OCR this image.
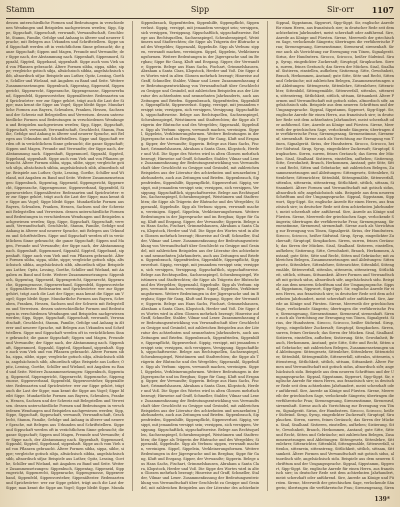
Stamm	Sipp	Sir-orr 1107

dessen unterschiedliche Formen und Bedeutungen in verschiedenen Wendungen und Beispielen nachgewiesen werden; Sipp, Sippe, Sippschaft, Sippeschaft, verwandt, Verwandtschaft, Geschlecht, Stamm, Familie, Gefolge und Anhang in älterer und neuerer Sprache, mit Belegen aus Urkunden und Schriftstellern. Sippe und Sippschaft werden oft in verächtlichem Sinne gebraucht; die ganze Sippschaft; Sippen und Magen, Freunde und Verwandte; der Sippe nach, der Abstammung nach. Sippenhaft, Sippenmord, Sippzahl, Sippteil, Sippeband, sippenhaft. Sippe auch vom Vieh und von Pflanzen gebraucht. Ältere Formen sibba, sippa, sibbe, sippe; vergleiche gotisch sibja, altsächsisch sibbia, angelsächsisch sibb, altnordisch sifjar. Beispiele aus Luther, Opitz, Lessing, Goethe, Schiller und Wieland, mit Angaben zu Band und Seite. Weitere Zusammensetzungen: Sippenbuch, Sippentag, Sippeneid, Sippengericht, Sippenrecht, Sippenrache, Sippengenosse, Sippenverband, Sippenfeld, Sippenvorsteher, Sippenältester. Redensarten und Sprichwörter: wer zur Sippe gehört, trägt auch die Last der Sippe; man kennt die Sippe am Vogel; Sippe bleibt Sippe. Mundartliche Formen aus Bayern, Schwaben, Franken, Hessen, Sachsen und der Schweiz mit Belegstellen und Verweisen. dessen unterschiedliche Formen und Bedeutungen in verschiedenen Wendungen und Beispielen nachgewiesen werden; Sipp, Sippe, Sippschaft, Sippeschaft, verwandt, Verwandtschaft, Geschlecht, Stamm, Familie, Gefolge und Anhang in älterer und neuerer Sprache, mit Belegen aus Urkunden und Schriftstellern. Sippe und Sippschaft werden oft in verächtlichem Sinne gebraucht; die ganze Sippschaft; Sippen und Magen, Freunde und Verwandte; der Sippe nach, der Abstammung nach. Sippenhaft, Sippenmord, Sippzahl, Sippteil, Sippeband, sippenhaft. Sippe auch vom Vieh und von Pflanzen gebraucht. Ältere Formen sibba, sippa, sibbe, sippe; vergleiche gotisch sibja, altsächsisch sibbia, angelsächsisch sibb, altnordisch sifjar. Beispiele aus Luther, Opitz, Lessing, Goethe, Schiller und Wieland, mit Angaben zu Band und Seite. Weitere Zusammensetzungen: Sippenbuch, Sippentag, Sippeneid, Sippengericht, Sippenrecht, Sippenrache, Sippengenosse, Sippenverband, Sippenfeld, Sippenvorsteher, Sippenältester. Redensarten und Sprichwörter: wer zur Sippe gehört, trägt auch die Last der Sippe; man kennt die Sippe am Vogel; Sippe bleibt Sippe. Mundartliche Formen aus Bayern, Schwaben, Franken, Hessen, Sachsen und der Schweiz mit Belegstellen und Verweisen. dessen unterschiedliche Formen und Bedeutungen in verschiedenen Wendungen und Beispielen nachgewiesen werden; Sipp, Sippe, Sippschaft, Sippeschaft, verwandt, Verwandtschaft, Geschlecht, Stamm, Familie, Gefolge und Anhang in älterer und neuerer Sprache, mit Belegen aus Urkunden und Schriftstellern. Sippe und Sippschaft werden oft in verächtlichem Sinne gebraucht; die ganze Sippschaft; Sippen und Magen, Freunde und Verwandte; der Sippe nach, der Abstammung nach. Sippenhaft, Sippenmord, Sippzahl, Sippteil, Sippeband, sippenhaft. Sippe auch vom Vieh und von Pflanzen gebraucht. Ältere Formen sibba, sippa, sibbe, sippe; vergleiche gotisch sibja, altsächsisch sibbia, angelsächsisch sibb, altnordisch sifjar. Beispiele aus Luther, Opitz, Lessing, Goethe, Schiller und Wieland, mit Angaben zu Band und Seite. Weitere Zusammensetzungen: Sippenbuch, Sippentag, Sippeneid, Sippengericht, Sippenrecht, Sippenrache, Sippengenosse, Sippenverband, Sippenfeld, Sippenvorsteher, Sippenältester. Redensarten und Sprichwörter: wer zur Sippe gehört, trägt auch die Last der Sippe; man kennt die Sippe am Vogel; Sippe bleibt Sippe. Mundartliche Formen aus Bayern, Schwaben, Franken, Hessen, Sachsen und der Schweiz mit Belegstellen und Verweisen. dessen unterschiedliche Formen und Bedeutungen in verschiedenen Wendungen und Beispielen nachgewiesen werden; Sipp, Sippe, Sippschaft, Sippeschaft, verwandt, Verwandtschaft, Geschlecht, Stamm, Familie, Gefolge und Anhang in älterer und neuerer Sprache, mit Belegen aus Urkunden und Schriftstellern. Sippe und Sippschaft werden oft in verächtlichem Sinne gebraucht; die ganze Sippschaft; Sippen und Magen, Freunde und Verwandte; der Sippe nach, der Abstammung nach. Sippenhaft, Sippenmord, Sippzahl, Sippteil, Sippeband, sippenhaft. Sippe auch vom Vieh und von Pflanzen gebraucht. Ältere Formen sibba, sippa, sibbe, sippe; vergleiche gotisch sibja, altsächsisch sibbia, angelsächsisch sibb, altnordisch sifjar. Beispiele aus Luther, Opitz, Lessing, Goethe, Schiller und Wieland, mit Angaben zu Band und Seite. Weitere Zusammensetzungen: Sippenbuch, Sippentag, Sippeneid, Sippengericht, Sippenrecht, Sippenrache, Sippengenosse, Sippenverband, Sippenfeld, Sippenvorsteher, Sippenältester. Redensarten und Sprichwörter: wer zur Sippe gehört, trägt auch die Last der Sippe; man kennt die Sippe am Vogel; Sippe bleibt Sippe. Mundartliche Formen aus Bayern, Schwaben, Franken, Hessen, Sachsen und der Schweiz mit Belegstellen und Verweisen. dessen unterschiedliche Formen und Bedeutungen in verschiedenen Wendungen und Beispielen nachgewiesen werden; Sipp, Sippe, Sippschaft, Sippeschaft, verwandt, Verwandtschaft, Geschlecht, Stamm, Familie, Gefolge und Anhang in älterer und neuerer Sprache, mit Belegen aus Urkunden und Schriftstellern. Sippe und Sippschaft werden oft in verächtlichem Sinne gebraucht; die ganze Sippschaft; Sippen und Magen, Freunde und Verwandte; der Sippe nach, der Abstammung nach. Sippenhaft, Sippenmord, Sippzahl, Sippteil, Sippeband, sippenhaft. Sippe auch vom Vieh und von Pflanzen gebraucht. Ältere Formen sibba, sippa, sibbe, sippe; vergleiche gotisch sibja, altsächsisch sibbia, angelsächsisch sibb, altnordisch sifjar. Beispiele aus Luther, Opitz, Lessing, Goethe, Schiller und Wieland, mit Angaben zu Band und Seite. Weitere Zusammensetzungen: Sippenbuch, Sippentag, Sippeneid, Sippengericht, Sippenrecht, Sippenrache, Sippengenosse, Sippenverband, Sippenfeld, Sippenvorsteher, Sippenältester. Redensarten und Sprichwörter: wer zur Sippe gehört, trägt auch die Last der Sippe; man kennt die Sippe am Vogel; Sippe bleibt Sippe. Munda

Sippenbrauch, Sippenfrieden, Sippenhilfe, Sippenpflicht, Sippenverlust. Sippig, versippt, mit jemandem versippt sein; versippen, sich versippen, Versippung. Sippschaftlich, sippschaftsweise. Belege aus Rechtsquellen, Sachsenspiegel, Schwabenspiegel, Weistümern und Stadtrechten; die Sippe als Trägerin der Blutrache und des Wergeldes; Sippenzahl, Sippebuße. Sipp als Verbum: sippen, verwandt machen, vereinigen. Sippel, Sippelein, Verkleinerungsformen. Weitere Bedeutungen in der Jägersprache und im Bergbau; Sippe für Gang, Kluft und Erzgang. Sipper, der Verwandte; Sipperin. Belege aus Hans Sachs, Fischart, Grimmelshausen, Abraham a Santa Clara, Klopstock, Herder und Voß. Die Sippe des Wortes wird in alten Glossen mehrfach bezeugt; Hinweise auf Graff, Schmeller, Stalder, Vilmar und Lexer. Zusammenfassung der Bedeutungsentwicklung von Verwandtschaft über Geschlecht zu Gesippe und Gesindel, mit zahlreichen Beispielen aus der Literatur des achtzehnten und neunzehnten Jahrhunderts, auch aus Zeitungen und Briefen. Sippenbrauch, Sippenfrieden, Sippenhilfe, Sippenpflicht, Sippenverlust. Sippig, versippt, mit jemandem versippt sein; versippen, sich versippen, Versippung. Sippschaftlich, sippschaftsweise. Belege aus Rechtsquellen, Sachsenspiegel, Schwabenspiegel, Weistümern und Stadtrechten; die Sippe als Trägerin der Blutrache und des Wergeldes; Sippenzahl, Sippebuße. Sipp als Verbum: sippen, verwandt machen, vereinigen. Sippel, Sippelein, Verkleinerungsformen. Weitere Bedeutungen in der Jägersprache und im Bergbau; Sippe für Gang, Kluft und Erzgang. Sipper, der Verwandte; Sipperin. Belege aus Hans Sachs, Fischart, Grimmelshausen, Abraham a Santa Clara, Klopstock, Herder und Voß. Die Sippe des Wortes wird in alten Glossen mehrfach bezeugt; Hinweise auf Graff, Schmeller, Stalder, Vilmar und Lexer. Zusammenfassung der Bedeutungsentwicklung von Verwandtschaft über Geschlecht zu Gesippe und Gesindel, mit zahlreichen Beispielen aus der Literatur des achtzehnten und neunzehnten Jahrhunderts, auch aus Zeitungen und Briefen. Sippenbrauch, Sippenfrieden, Sippenhilfe, Sippenpflicht, Sippenverlust. Sippig, versippt, mit jemandem versippt sein; versippen, sich versippen, Versippung. Sippschaftlich, sippschaftsweise. Belege aus Rechtsquellen, Sachsenspiegel, Schwabenspiegel, Weistümern und Stadtrechten; die Sippe als Trägerin der Blutrache und des Wergeldes; Sippenzahl, Sippebuße. Sipp als Verbum: sippen, verwandt machen, vereinigen. Sippel, Sippelein, Verkleinerungsformen. Weitere Bedeutungen in der Jägersprache und im Bergbau; Sippe für Gang, Kluft und Erzgang. Sipper, der Verwandte; Sipperin. Belege aus Hans Sachs, Fischart, Grimmelshausen, Abraham a Santa Clara, Klopstock, Herder und Voß. Die Sippe des Wortes wird in alten Glossen mehrfach bezeugt; Hinweise auf Graff, Schmeller, Stalder, Vilmar und Lexer. Zusammenfassung der Bedeutungsentwicklung von Verwandtschaft über Geschlecht zu Gesippe und Gesindel, mit zahlreichen Beispielen aus der Literatur des achtzehnten und neunzehnten Jahrhunderts, auch aus Zeitungen und Briefen. Sippenbrauch, Sippenfrieden, Sippenhilfe, Sippenpflicht, Sippenverlust. Sippig, versippt, mit jemandem versippt sein; versippen, sich versippen, Versippung. Sippschaftlich, sippschaftsweise. Belege aus Rechtsquellen, Sachsenspiegel, Schwabenspiegel, Weistümern und Stadtrechten; die Sippe als Trägerin der Blutrache und des Wergeldes; Sippenzahl, Sippebuße. Sipp als Verbum: sippen, verwandt machen, vereinigen. Sippel, Sippelein, Verkleinerungsformen. Weitere Bedeutungen in der Jägersprache und im Bergbau; Sippe für Gang, Kluft und Erzgang. Sipper, der Verwandte; Sipperin. Belege aus Hans Sachs, Fischart, Grimmelshausen, Abraham a Santa Clara, Klopstock, Herder und Voß. Die Sippe des Wortes wird in alten Glossen mehrfach bezeugt; Hinweise auf Graff, Schmeller, Stalder, Vilmar und Lexer. Zusammenfassung der Bedeutungsentwicklung von Verwandtschaft über Geschlecht zu Gesippe und Gesindel, mit zahlreichen Beispielen aus der Literatur des achtzehnten und neunzehnten Jahrhunderts, auch aus Zeitungen und Briefen. Sippenbrauch, Sippenfrieden, Sippenhilfe, Sippenpflicht, Sippenverlust. Sippig, versippt, mit jemandem versippt sein; versippen, sich versippen, Versippung. Sippschaftlich, sippschaftsweise. Belege aus Rechtsquellen, Sachsenspiegel, Schwabenspiegel, Weistümern und Stadtrechten; die Sippe als Trägerin der Blutrache und des Wergeldes; Sippenzahl, Sippebuße. Sipp als Verbum: sippen, verwandt machen, vereinigen. Sippel, Sippelein, Verkleinerungsformen. Weitere Bedeutungen in der Jägersprache und im Bergbau; Sippe für Gang, Kluft und Erzgang. Sipper, der Verwandte; Sipperin. Belege aus Hans Sachs, Fischart, Grimmelshausen, Abraham a Santa Clara, Klopstock, Herder und Voß. Die Sippe des Wortes wird in alten Glossen mehrfach bezeugt; Hinweise auf Graff, Schmeller, Stalder, Vilmar und Lexer. Zusammenfassung der Bedeutungsentwicklung von Verwandtschaft über Geschlecht zu Gesippe und Gesindel, mit zahlreichen Beispielen aus der Literatur des achtzehnten und neunzehnten Jahrhunderts, auch aus Zeitungen und Briefen. Sippenbrauch, Sippenfrieden, Sippenhilfe, Sippenpflicht, Sippenverlust. Sippig, versippt, mit jemandem versippt sein; versippen, sich versippen, Versippung. Sippschaftlich, sippschaftsweise. Belege aus Rechtsquellen, Sachsenspiegel, Schwabenspiegel, Weistümern und Stadtrechten; die Sippe als Trägerin der Blutrache und des Wergeldes; Sippenzahl, Sippebuße. Sipp als Verbum: sippen, verwandt machen, vereinigen. Sippel, Sippelein, Verkleinerungsformen. Weitere Bedeutungen in der Jägersprache und im Bergbau; Sippe für Gang, Kluft und Erzgang. Sipper, der Verwandte; Sipperin. Belege aus Hans Sachs, Fischart, Grimmelshausen, Abraham a Santa Clara, Klopstock, Herder und Voß. Die Sippe des Wortes wird in alten Glossen mehrfach bezeugt; Hinweise auf Graff, Schmeller, Stalder, Vilmar und Lexer. Zusammenfassung der Bedeutungsentwicklung von Verwandtschaft über Geschlecht zu Gesippe und Gesindel, mit zahlreichen Beispielen aus der Literatur des achtzehnte

Sippsal, Sippstamm, Sippwort, Sipp-Sippt. Sir, englische Anrede für einen Herrn, aus französisch sire; in deutscher Rede seit dem achtzehnten Jahrhundert, meist scherzhaft oder anführend. Sire, Anrede an Könige und Fürsten. Sirene, Meerweib der griechischen Sage, verlockende Sängerin; übertragen die verführerische Frau; Sirenengesang, Sirenenstimme, Sirenenruf, sirenenhaft. Sirene auch als Vorrichtung zur Erzeugung von Tönen, Signalgerät. Sirius, der Hundsstern. Sirocco, Scirocco, heißer Südwind. Sirup, Syrup, eingedickter Zuckersaft; Siruptopf, Sirupkuchen. Sirren, surren, feines Geräusch; das Sirren der Mücken. Sisal, Sisalhanf. Sistieren, einstellen, aufheben; Sistierung. Sitte, Gewohnheit, Brauch, Herkommen, Anstand; gute Sitte, Sitte und Recht, Sitten und Gebräuche; mit zahlreichen Belegen, Zusammensetzungen und Ableitungen: Sittengesetz, Sittenlehre, Sittenlehrer, Sittenrichter, Sittenbild, Sittengemälde, Sittenverfall, sittenlos, sittenrein, sittenstreng, Sittlichkeit, sittlich, sittsam, Sittsamkeit. Ältere Formen und Verwandtschaft mit gotisch sidus, altnordisch siðr, angelsächsisch sidu. Beispiele aus dem neueren Schrifttum und der Umgangssprache. Sippsal, Sippstamm, Sippwort, Sipp-Sippt. Sir, englische Anrede für einen Herrn, aus französisch sire; in deutscher Rede seit dem achtzehnten Jahrhundert, meist scherzhaft oder anführend. Sire, Anrede an Könige und Fürsten. Sirene, Meerweib der griechischen Sage, verlockende Sängerin; übertragen die verführerische Frau; Sirenengesang, Sirenenstimme, Sirenenruf, sirenenhaft. Sirene auch als Vorrichtung zur Erzeugung von Tönen, Signalgerät. Sirius, der Hundsstern. Sirocco, Scirocco, heißer Südwind. Sirup, Syrup, eingedickter Zuckersaft; Siruptopf, Sirupkuchen. Sirren, surren, feines Geräusch; das Sirren der Mücken. Sisal, Sisalhanf. Sistieren, einstellen, aufheben; Sistierung. Sitte, Gewohnheit, Brauch, Herkommen, Anstand; gute Sitte, Sitte und Recht, Sitten und Gebräuche; mit zahlreichen Belegen, Zusammensetzungen und Ableitungen: Sittengesetz, Sittenlehre, Sittenlehrer, Sittenrichter, Sittenbild, Sittengemälde, Sittenverfall, sittenlos, sittenrein, sittenstreng, Sittlichkeit, sittlich, sittsam, Sittsamkeit. Ältere Formen und Verwandtschaft mit gotisch sidus, altnordisch siðr, angelsächsisch sidu. Beispiele aus dem neueren Schrifttum und der Umgangssprache. Sippsal, Sippstamm, Sippwort, Sipp-Sippt. Sir, englische Anrede für einen Herrn, aus französisch sire; in deutscher Rede seit dem achtzehnten Jahrhundert, meist scherzhaft oder anführend. Sire, Anrede an Könige und Fürsten. Sirene, Meerweib der griechischen Sage, verlockende Sängerin; übertragen die verführerische Frau; Sirenengesang, Sirenenstimme, Sirenenruf, sirenenhaft. Sirene auch als Vorrichtung zur Erzeugung von Tönen, Signalgerät. Sirius, der Hundsstern. Sirocco, Scirocco, heißer Südwind. Sirup, Syrup, eingedickter Zuckersaft; Siruptopf, Sirupkuchen. Sirren, surren, feines Geräusch; das Sirren der Mücken. Sisal, Sisalhanf. Sistieren, einstellen, aufheben; Sistierung. Sitte, Gewohnheit, Brauch, Herkommen, Anstand; gute Sitte, Sitte und Recht, Sitten und Gebräuche; mit zahlreichen Belegen, Zusammensetzungen und Ableitungen: Sittengesetz, Sittenlehre, Sittenlehrer, Sittenrichter, Sittenbild, Sittengemälde, Sittenverfall, sittenlos, sittenrein, sittenstreng, Sittlichkeit, sittlich, sittsam, Sittsamkeit. Ältere Formen und Verwandtschaft mit gotisch sidus, altnordisch siðr, angelsächsisch sidu. Beispiele aus dem neueren Schrifttum und der Umgangssprache. Sippsal, Sippstamm, Sippwort, Sipp-Sippt. Sir, englische Anrede für einen Herrn, aus französisch sire; in deutscher Rede seit dem achtzehnten Jahrhundert, meist scherzhaft oder anführend. Sire, Anrede an Könige und Fürsten. Sirene, Meerweib der griechischen Sage, verlockende Sängerin; übertragen die verführerische Frau; Sirenengesang, Sirenenstimme, Sirenenruf, sirenenhaft. Sirene auch als Vorrichtung zur Erzeugung von Tönen, Signalgerät. Sirius, der Hundsstern. Sirocco, Scirocco, heißer Südwind. Sirup, Syrup, eingedickter Zuckersaft; Siruptopf, Sirupkuchen. Sirren, surren, feines Geräusch; das Sirren der Mücken. Sisal, Sisalhanf. Sistieren, einstellen, aufheben; Sistierung. Sitte, Gewohnheit, Brauch, Herkommen, Anstand; gute Sitte, Sitte und Recht, Sitten und Gebräuche; mit zahlreichen Belegen, Zusammensetzungen und Ableitungen: Sittengesetz, Sittenlehre, Sittenlehrer, Sittenrichter, Sittenbild, Sittengemälde, Sittenverfall, sittenlos, sittenrein, sittenstreng, Sittlichkeit, sittlich, sittsam, Sittsamkeit. Ältere Formen und Verwandtschaft mit gotisch sidus, altnordisch siðr, angelsächsisch sidu. Beispiele aus dem neueren Schrifttum und der Umgangssprache. Sippsal, Sippstamm, Sippwort, Sipp-Sippt. Sir, englische Anrede für einen Herrn, aus französisch sire; in deutscher Rede seit dem achtzehnten Jahrhundert, meist scherzhaft oder anführend. Sire, Anrede an Könige und Fürsten. Sirene, Meerweib der griechischen Sage, verlockende Sängerin; übertragen die verführerische Frau; Sirenengesang, Sirenenstimme, Sirenenruf, sirenenhaft. Sirene auch als Vorrichtung zur Erzeugung von Tönen, Signalgerät. Sirius, der Hundsstern. Sirocco, Scirocco, heißer Südwind. Sirup, Syrup, eingedickter Zuckersaft; Siruptopf, Sirupkuchen. Sirren, surren, feines Geräusch; das Sirren der Mücken. Sisal, Sisalhanf. Sistieren, einstellen, aufheben; Sistierung. Sitte, Gewohnheit, Brauch, Herkommen, Anstand; gute Sitte, Sitte und Recht, Sitten und Gebräuche; mit zahlreichen Belegen, Zusammensetzungen und Ableitungen: Sittengesetz, Sittenlehre, Sittenlehrer, Sittenrichter, Sittenbild, Sittengemälde, Sittenverfall, sittenlos, sittenrein, sittenstreng, Sittlichkeit, sittlich, sittsam, Sittsamkeit. Ältere Formen und Verwandtschaft mit gotisch sidus, altnordisch siðr, angelsächsisch sidu. Beispiele aus dem neueren Schrifttum und der Umgangssprache. Sippsal, Sippstamm, Sippwort, Sipp-Sippt. Sir, englische Anrede für einen Herrn, aus französisch sire; in deutscher Rede seit dem achtzehnten Jahrhundert, meist scherzhaft oder anführend. Sire, Anrede an Könige und Fürsten. Sirene, Meerweib der griechischen Sage, verlockende Sängerin; übertragen die verführerische Frau; Sirenengesang, Siren

139*
